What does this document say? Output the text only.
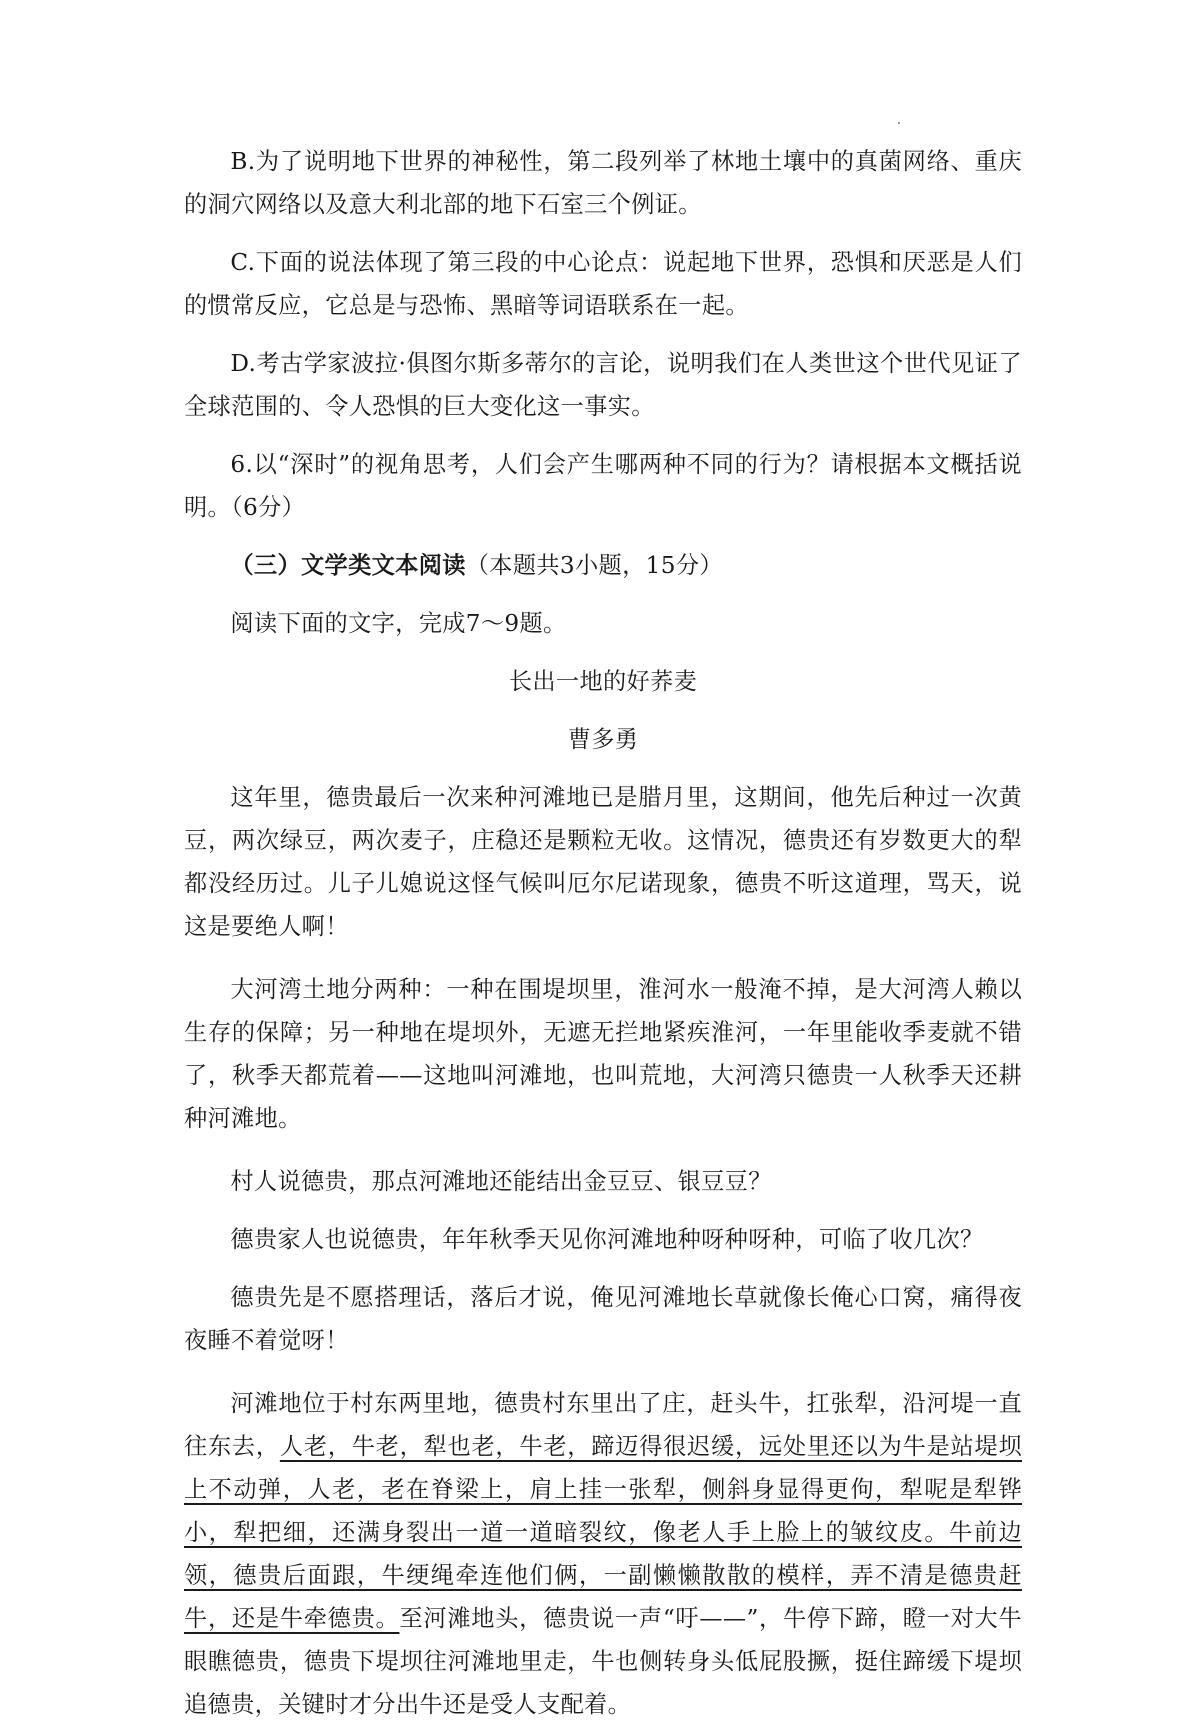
B.为了说明地下世界的神秘性，第二段列举了林地土壤中的真菌网络、重庆的洞穴网络以及意大利北部的地下石室三个例证。

C.下面的说法体现了第三段的中心论点：说起地下世界，恐惧和厌恶是人们的惯常反应，它总是与恐怖、黑暗等词语联系在一起。

D.考古学家波拉·俱图尔斯多蒂尔的言论，说明我们在人类世这个世代见证了全球范围的、令人恐惧的巨大变化这一事实。

6.以“深时”的视角思考，人们会产生哪两种不同的行为？请根据本文概括说明。（6分）

（三）文学类文本阅读（本题共3小题，15分）

阅读下面的文字，完成7～9题。

长出一地的好荞麦

曹多勇

这年里，德贵最后一次来种河滩地已是腊月里，这期间，他先后种过一次黄豆，两次绿豆，两次麦子，庄稳还是颗粒无收。这情况，德贵还有岁数更大的犁都没经历过。儿子儿媳说这怪气候叫厄尔尼诺现象，德贵不听这道理，骂天，说这是要绝人啊！

大河湾土地分两种：一种在围堤坝里，淮河水一般淹不掉，是大河湾人赖以生存的保障；另一种地在堤坝外，无遮无拦地紧疾淮河，一年里能收季麦就不错了，秋季天都荒着——这地叫河滩地，也叫荒地，大河湾只德贵一人秋季天还耕种河滩地。

村人说德贵，那点河滩地还能结出金豆豆、银豆豆？

德贵家人也说德贵，年年秋季天见你河滩地种呀种呀种，可临了收几次？

德贵先是不愿搭理话，落后才说，俺见河滩地长草就像长俺心口窝，痛得夜夜睡不着觉呀！

河滩地位于村东两里地，德贵村东里出了庄，赶头牛，扛张犁，沿河堤一直往东去，人老，牛老，犁也老，牛老，蹄迈得很迟缓，远处里还以为牛是站堤坝上不动弹，人老，老在脊梁上，肩上挂一张犁，侧斜身显得更佝，犁呢是犁铧小，犁把细，还满身裂出一道一道暗裂纹，像老人手上脸上的皱纹皮。牛前边领，德贵后面跟，牛绠绳牵连他们俩，一副懒懒散散的模样，弄不清是德贵赶牛，还是牛牵德贵。至河滩地头，德贵说一声“吁——”，牛停下蹄，瞪一对大牛眼瞧德贵，德贵下堤坝往河滩地里走，牛也侧转身头低屁股撅，挺住蹄缓下堤坝追德贵，关键时才分出牛还是受人支配着。
